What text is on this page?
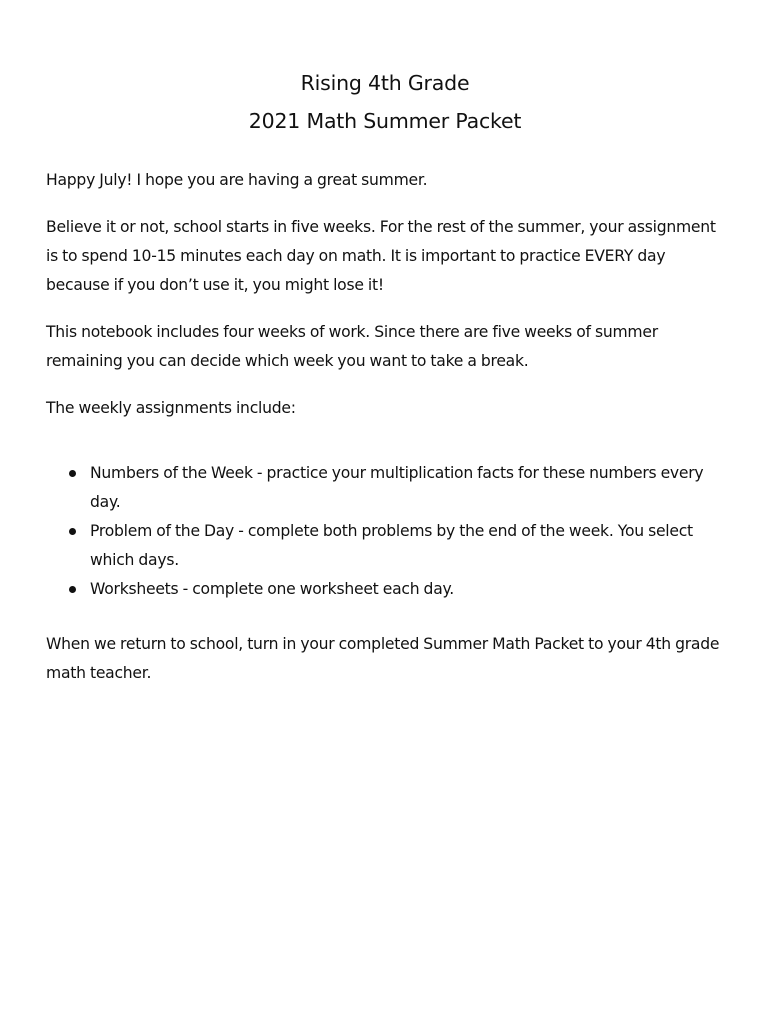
Rising 4th Grade
2021 Math Summer Packet

Happy July! I hope you are having a great summer.

Believe it or not, school starts in five weeks. For the rest of the summer, your assignment is to spend 10-15 minutes each day on math. It is important to practice EVERY day because if you don’t use it, you might lose it!

This notebook includes four weeks of work. Since there are five weeks of summer remaining you can decide which week you want to take a break.

The weekly assignments include:

Numbers of the Week - practice your multiplication facts for these numbers every day.
Problem of the Day - complete both problems by the end of the week. You select which days.
Worksheets - complete one worksheet each day.

When we return to school, turn in your completed Summer Math Packet to your 4th grade math teacher.
